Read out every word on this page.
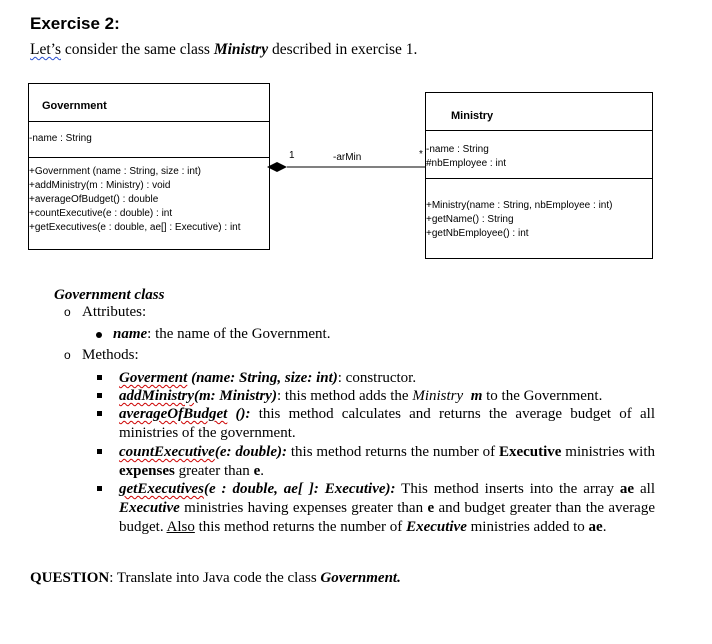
Exercise 2:
Let’s consider the same class Ministry described in exercise 1.
Government
-name : String
+Government (name : String, size : int)
+addMinistry(m : Ministry) : void
+averageOfBudget() : double
+countExecutive(e : double) : int
+getExecutives(e : double, ae[] : Executive) : int
Ministry
-name : String
#nbEmployee : int
+Ministry(name : String, nbEmployee : int)
+getName() : String
+getNbEmployee() : int
1	-arMin	*
Government class
o Attributes:
name: the name of the Government.
o Methods:
Goverment (name: String, size: int): constructor.
addMinistry(m: Ministry): this method adds the Ministry m to the Government.
averageOfBudget (): this method calculates and returns the average budget of all ministries of the government.
countExecutive(e: double): this method returns the number of Executive ministries with expenses greater than e.
getExecutives(e : double, ae[ ]: Executive): This method inserts into the array ae all Executive ministries having expenses greater than e and budget greater than the average budget. Also this method returns the number of Executive ministries added to ae.
QUESTION: Translate into Java code the class Government.
